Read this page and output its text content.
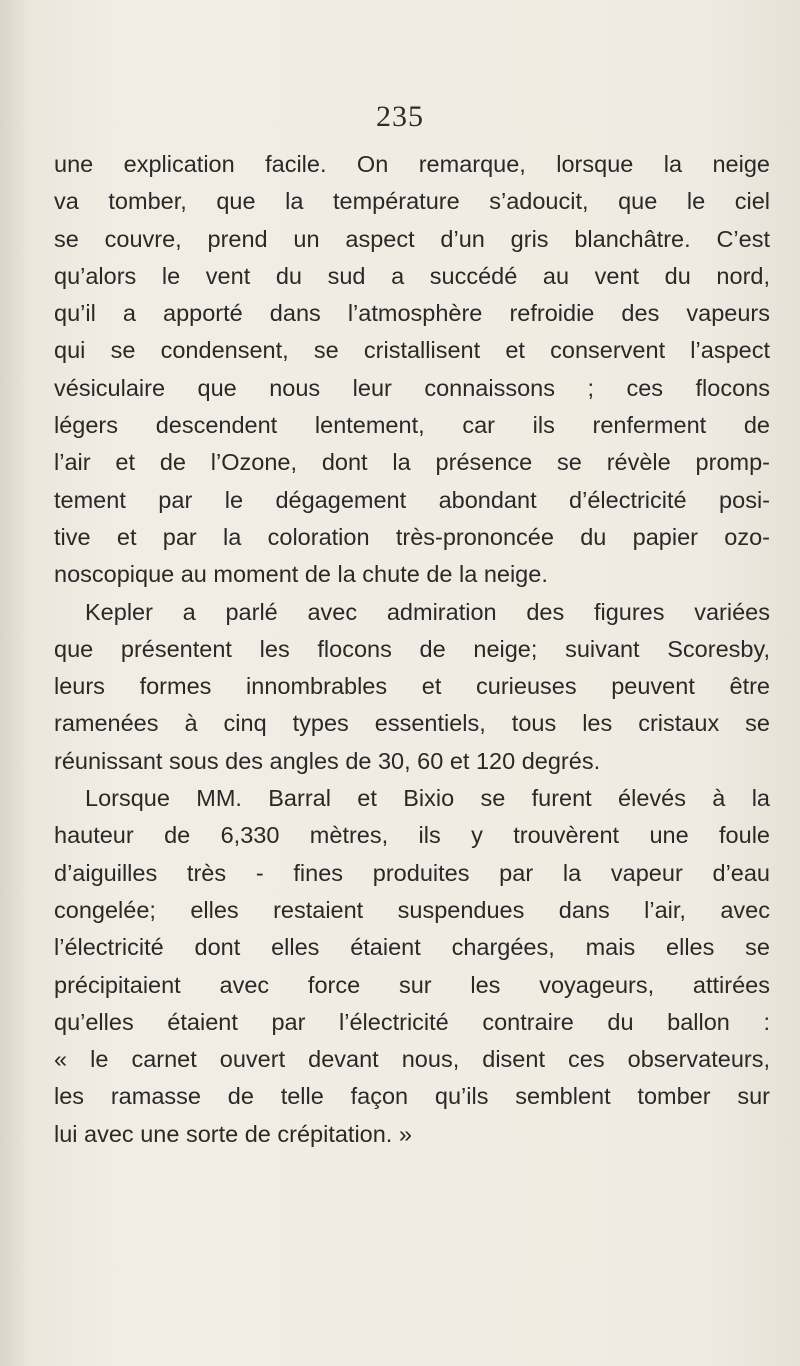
235
une explication facile. On remarque, lorsque la neige
va tomber, que la température s’adoucit, que le ciel
se couvre, prend un aspect d’un gris blanchâtre. C’est
qu’alors le vent du sud a succédé au vent du nord,
qu’il a apporté dans l’atmosphère refroidie des vapeurs
qui se condensent, se cristallisent et conservent l’aspect
vésiculaire que nous leur connaissons ; ces flocons
légers descendent lentement, car ils renferment de
l’air et de l’Ozone, dont la présence se révèle promp-
tement par le dégagement abondant d’électricité posi-
tive et par la coloration très-prononcée du papier ozo-
noscopique au moment de la chute de la neige.
Kepler a parlé avec admiration des figures variées
que présentent les flocons de neige; suivant Scoresby,
leurs formes innombrables et curieuses peuvent être
ramenées à cinq types essentiels, tous les cristaux se
réunissant sous des angles de 30, 60 et 120 degrés.
Lorsque MM. Barral et Bixio se furent élevés à la
hauteur de 6,330 mètres, ils y trouvèrent une foule
d’aiguilles très - fines produites par la vapeur d’eau
congelée; elles restaient suspendues dans l’air, avec
l’électricité dont elles étaient chargées, mais elles se
précipitaient avec force sur les voyageurs, attirées
qu’elles étaient par l’électricité contraire du ballon :
« le carnet ouvert devant nous, disent ces observateurs,
les ramasse de telle façon qu’ils semblent tomber sur
lui avec une sorte de crépitation. »
